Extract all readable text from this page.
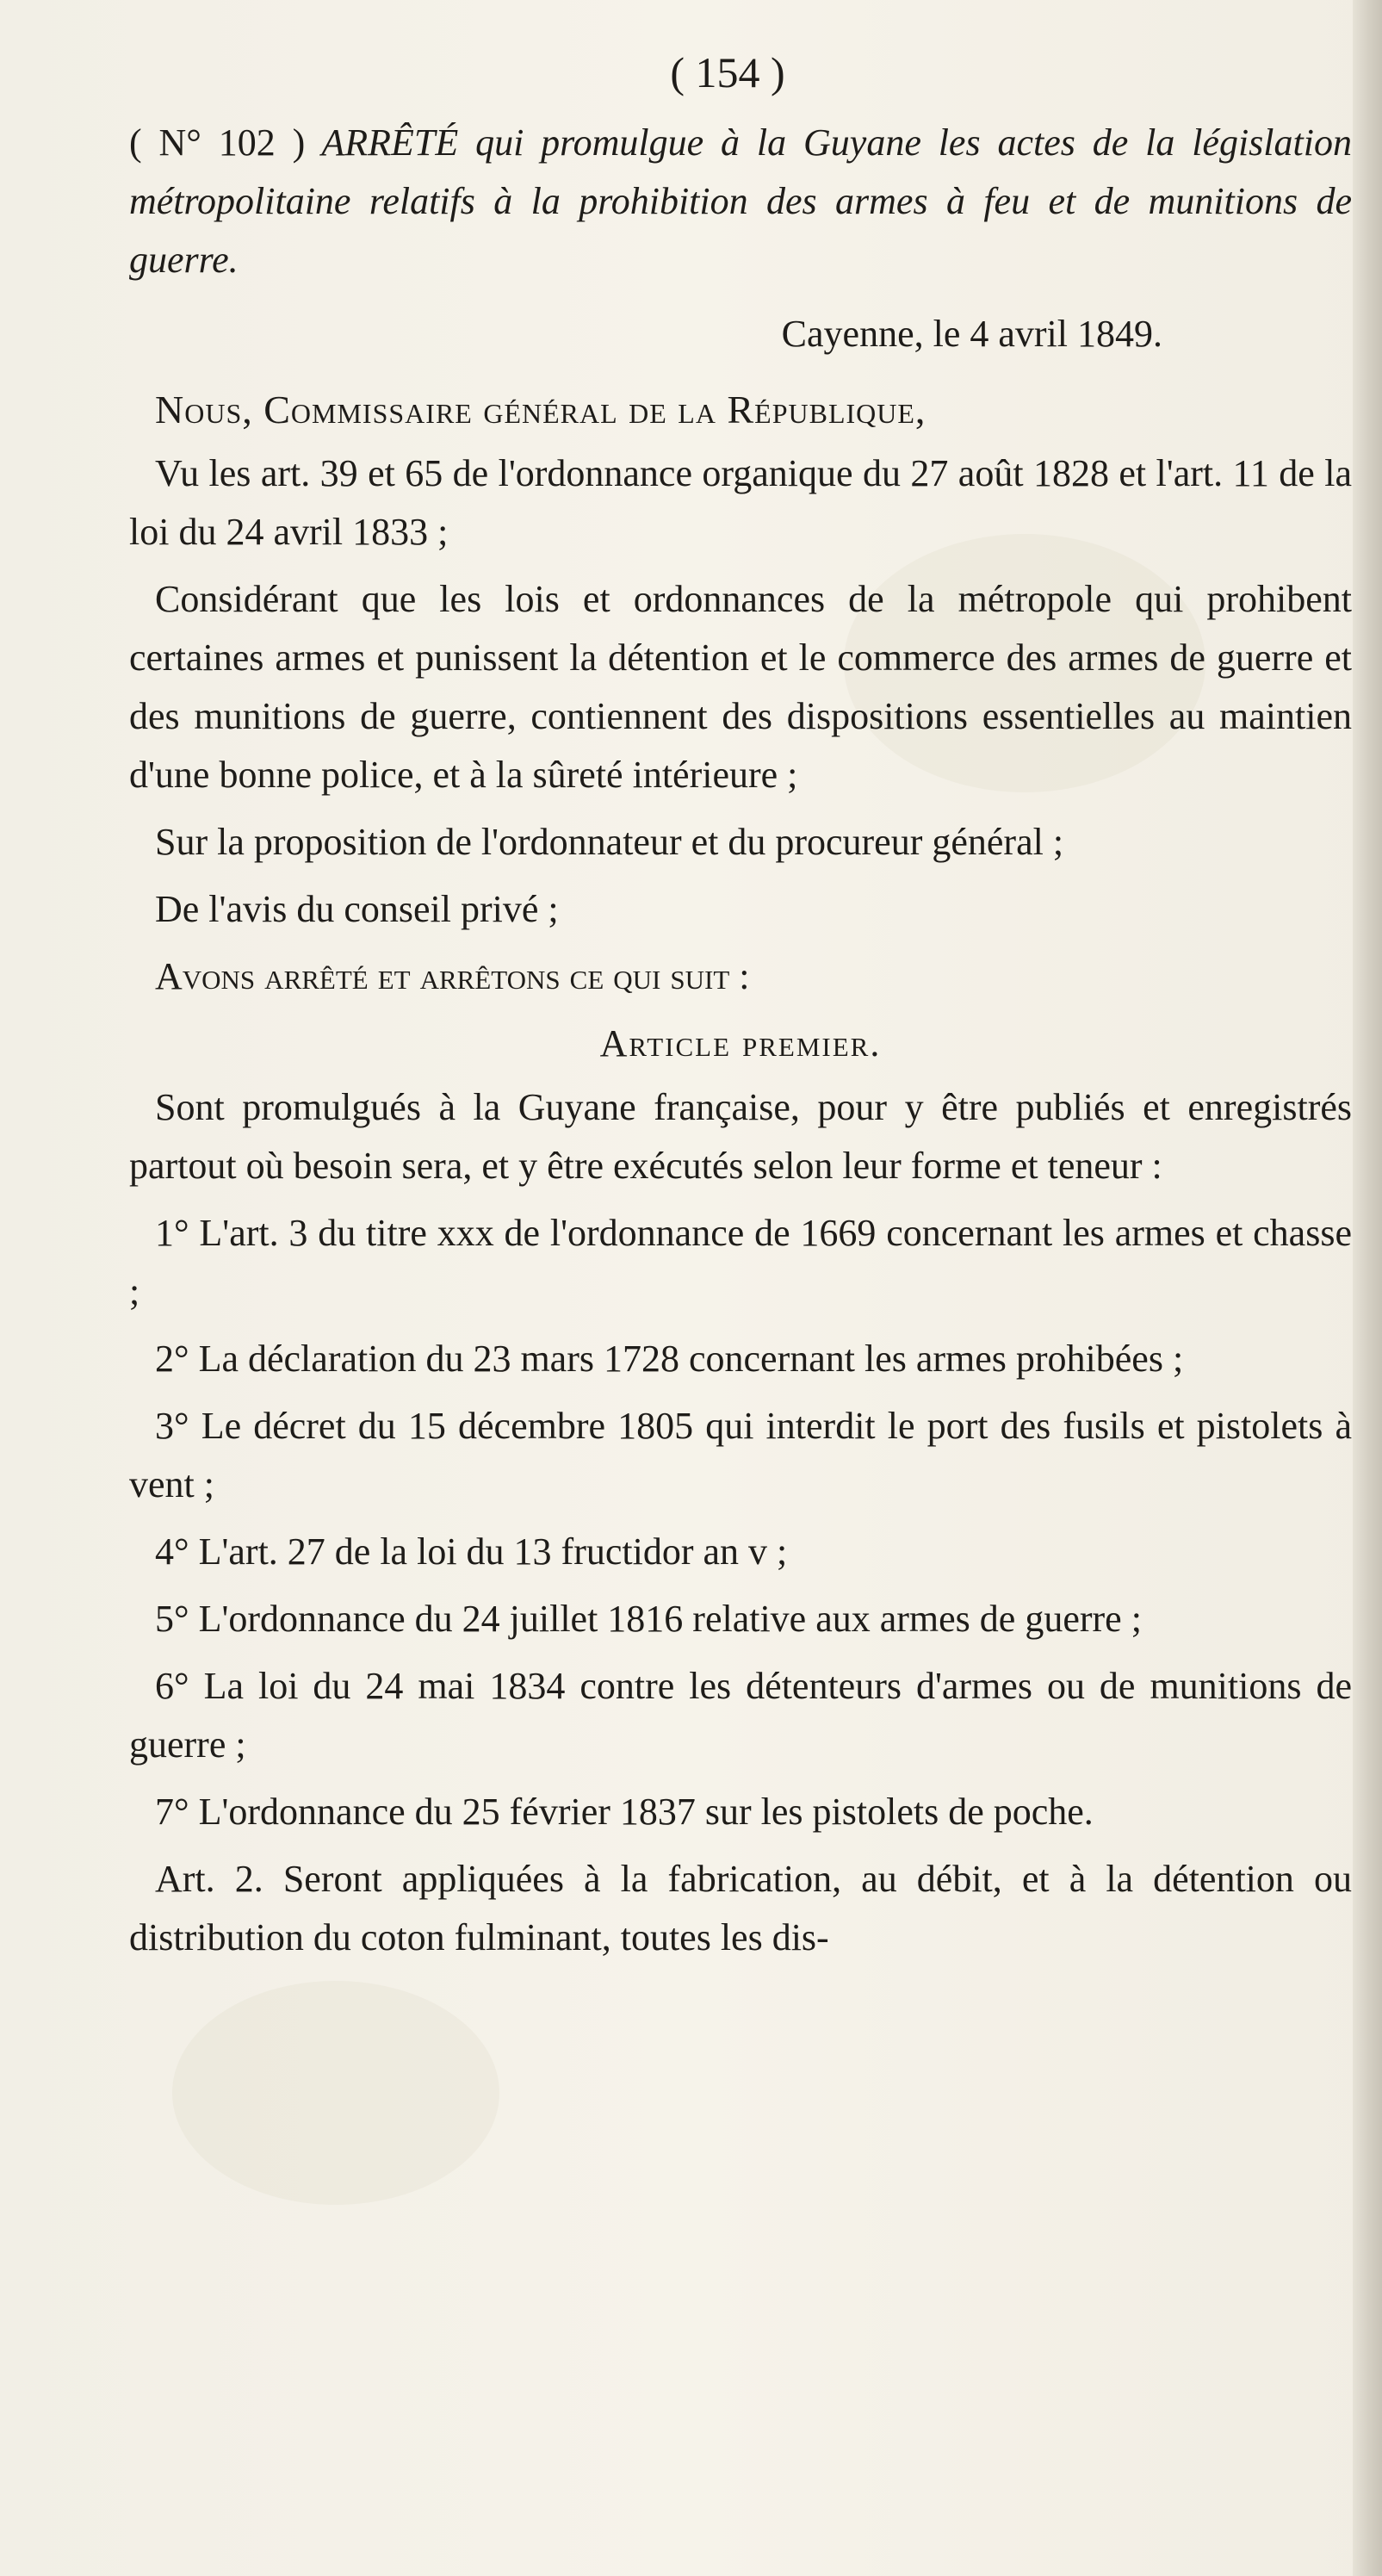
( 154 )
( N° 102 ) ARRÊTÉ qui promulgue à la Guyane les actes de la législation métropolitaine relatifs à la prohibition des armes à feu et de munitions de guerre.
Cayenne, le 4 avril 1849.
Nous, Commissaire général de la République,

Vu les art. 39 et 65 de l'ordonnance organique du 27 août 1828 et l'art. 11 de la loi du 24 avril 1833 ;

Considérant que les lois et ordonnances de la métropole qui prohibent certaines armes et punissent la détention et le commerce des armes de guerre et des munitions de guerre, contiennent des dispositions essentielles au maintien d'une bonne police, et à la sûreté intérieure ;

Sur la proposition de l'ordonnateur et du procureur général ;

De l'avis du conseil privé ;

Avons arrêté et arrêtons ce qui suit :

Article premier.

Sont promulgués à la Guyane française, pour y être publiés et enregistrés partout où besoin sera, et y être exécutés selon leur forme et teneur :

1° L'art. 3 du titre xxx de l'ordonnance de 1669 concernant les armes et chasse ;

2° La déclaration du 23 mars 1728 concernant les armes prohibées ;

3° Le décret du 15 décembre 1805 qui interdit le port des fusils et pistolets à vent ;

4° L'art. 27 de la loi du 13 fructidor an v ;

5° L'ordonnance du 24 juillet 1816 relative aux armes de guerre ;

6° La loi du 24 mai 1834 contre les détenteurs d'armes ou de munitions de guerre ;

7° L'ordonnance du 25 février 1837 sur les pistolets de poche.

Art. 2. Seront appliquées à la fabrication, au débit, et à la détention ou distribution du coton fulminant, toutes les dis-
